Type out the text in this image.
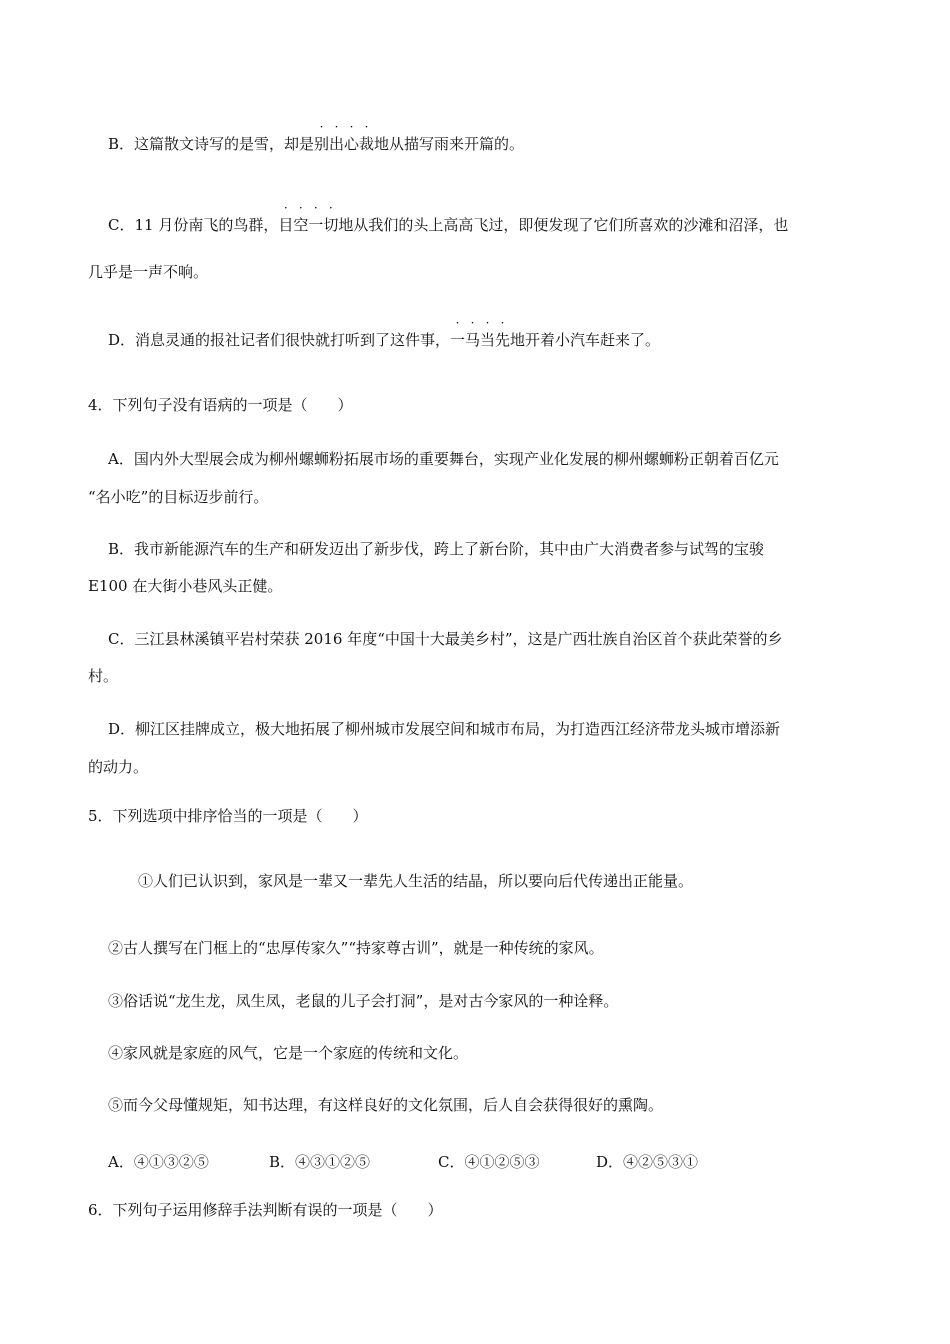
B．这篇散文诗写的是雪，却是
· · · ·
别出心裁地从描写雨来开篇的。
C．11 月份南飞的鸟群，
· · · ·
目空一切地从我们的头上高高飞过，即便发现了它们所喜欢的沙滩和沼泽，也
几乎是一声不响。
D．消息灵通的报社记者们很快就打听到了这件事，
· · · ·
一马当先地开着小汽车赶来了。
4．下列句子没有语病的一项是（　　）
A．国内外大型展会成为柳州螺蛳粉拓展市场的重要舞台，实现产业化发展的柳州螺蛳粉正朝着百亿元
“名小吃”的目标迈步前行。
B．我市新能源汽车的生产和研发迈出了新步伐，跨上了新台阶，其中由广大消费者参与试驾的宝骏
E100 在大街小巷风头正健。
C．三江县林溪镇平岩村荣获 2016 年度“中国十大最美乡村”，这是广西壮族自治区首个获此荣誉的乡
村。
D．柳江区挂牌成立，极大地拓展了柳州城市发展空间和城市布局，为打造西江经济带龙头城市增添新
的动力。
5．下列选项中排序恰当的一项是（　　）
①人们已认识到，家风是一辈又一辈先人生活的结晶，所以要向后代传递出正能量。
②古人撰写在门框上的“忠厚传家久”“持家尊古训”，就是一种传统的家风。
③俗话说“龙生龙，凤生凤，老鼠的儿子会打洞”，是对古今家风的一种诠释。
④家风就是家庭的风气，它是一个家庭的传统和文化。
⑤而今父母懂规矩，知书达理，有这样良好的文化氛围，后人自会获得很好的熏陶。
A．④①③②⑤	B．④③①②⑤	C．④①②⑤③	D．④②⑤③①
6．下列句子运用修辞手法判断有误的一项是（　　）
